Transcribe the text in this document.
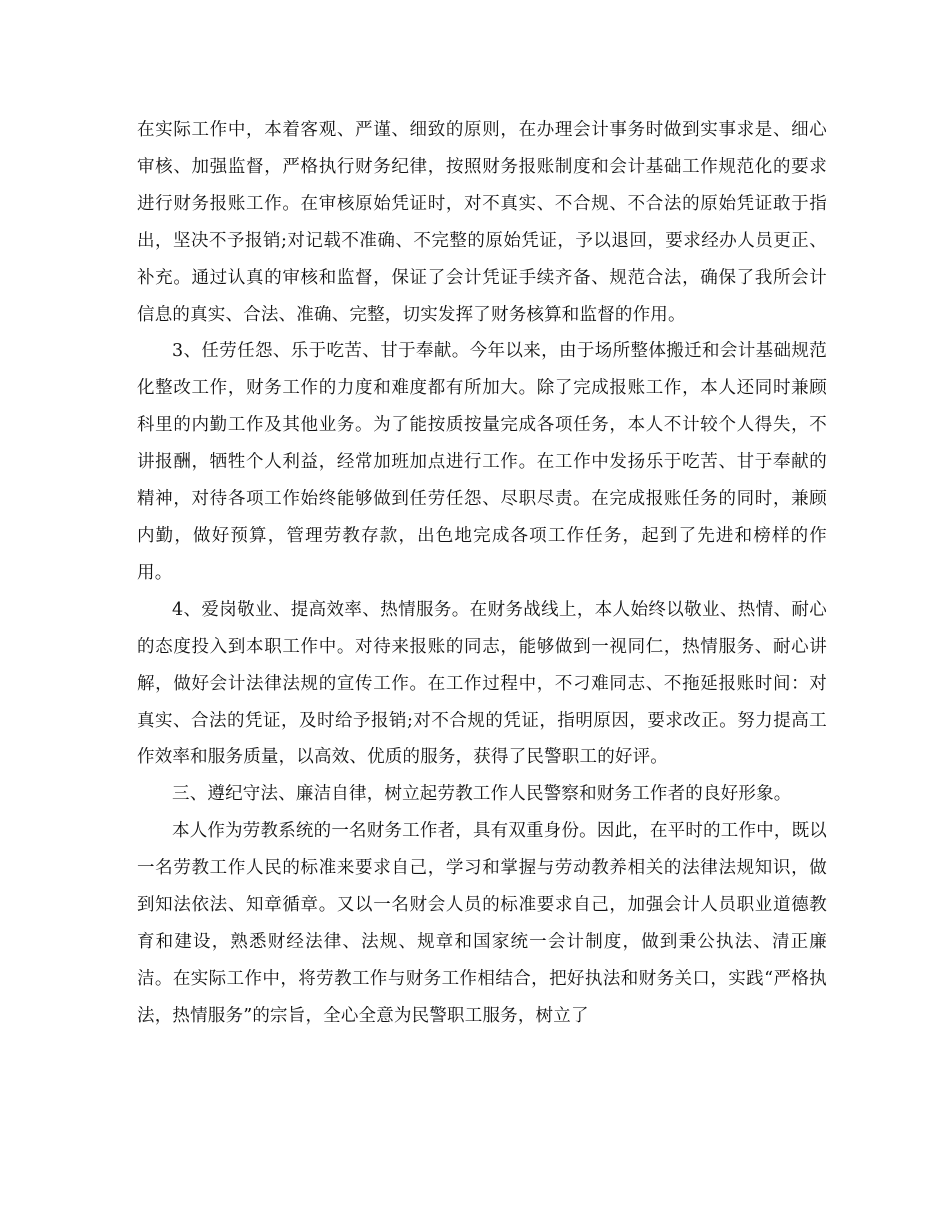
在实际工作中，本着客观、严谨、细致的原则，在办理会计事务时做到实事求是、细心审核、加强监督，严格执行财务纪律，按照财务报账制度和会计基础工作规范化的要求进行财务报账工作。在审核原始凭证时，对不真实、不合规、不合法的原始凭证敢于指出，坚决不予报销;对记载不准确、不完整的原始凭证，予以退回，要求经办人员更正、补充。通过认真的审核和监督，保证了会计凭证手续齐备、规范合法，确保了我所会计信息的真实、合法、准确、完整，切实发挥了财务核算和监督的作用。

3、任劳任怨、乐于吃苦、甘于奉献。今年以来，由于场所整体搬迁和会计基础规范化整改工作，财务工作的力度和难度都有所加大。除了完成报账工作，本人还同时兼顾科里的内勤工作及其他业务。为了能按质按量完成各项任务，本人不计较个人得失，不讲报酬，牺牲个人利益，经常加班加点进行工作。在工作中发扬乐于吃苦、甘于奉献的精神，对待各项工作始终能够做到任劳任怨、尽职尽责。在完成报账任务的同时，兼顾内勤，做好预算，管理劳教存款，出色地完成各项工作任务，起到了先进和榜样的作用。

4、爱岗敬业、提高效率、热情服务。在财务战线上，本人始终以敬业、热情、耐心的态度投入到本职工作中。对待来报账的同志，能够做到一视同仁，热情服务、耐心讲解，做好会计法律法规的宣传工作。在工作过程中，不刁难同志、不拖延报账时间：对真实、合法的凭证，及时给予报销;对不合规的凭证，指明原因，要求改正。努力提高工作效率和服务质量，以高效、优质的服务，获得了民警职工的好评。

三、遵纪守法、廉洁自律，树立起劳教工作人民警察和财务工作者的良好形象。

本人作为劳教系统的一名财务工作者，具有双重身份。因此，在平时的工作中，既以一名劳教工作人民的标准来要求自己，学习和掌握与劳动教养相关的法律法规知识，做到知法依法、知章循章。又以一名财会人员的标准要求自己，加强会计人员职业道德教育和建设，熟悉财经法律、法规、规章和国家统一会计制度，做到秉公执法、清正廉洁。在实际工作中，将劳教工作与财务工作相结合，把好执法和财务关口，实践“严格执法，热情服务”的宗旨，全心全意为民警职工服务，树立了
